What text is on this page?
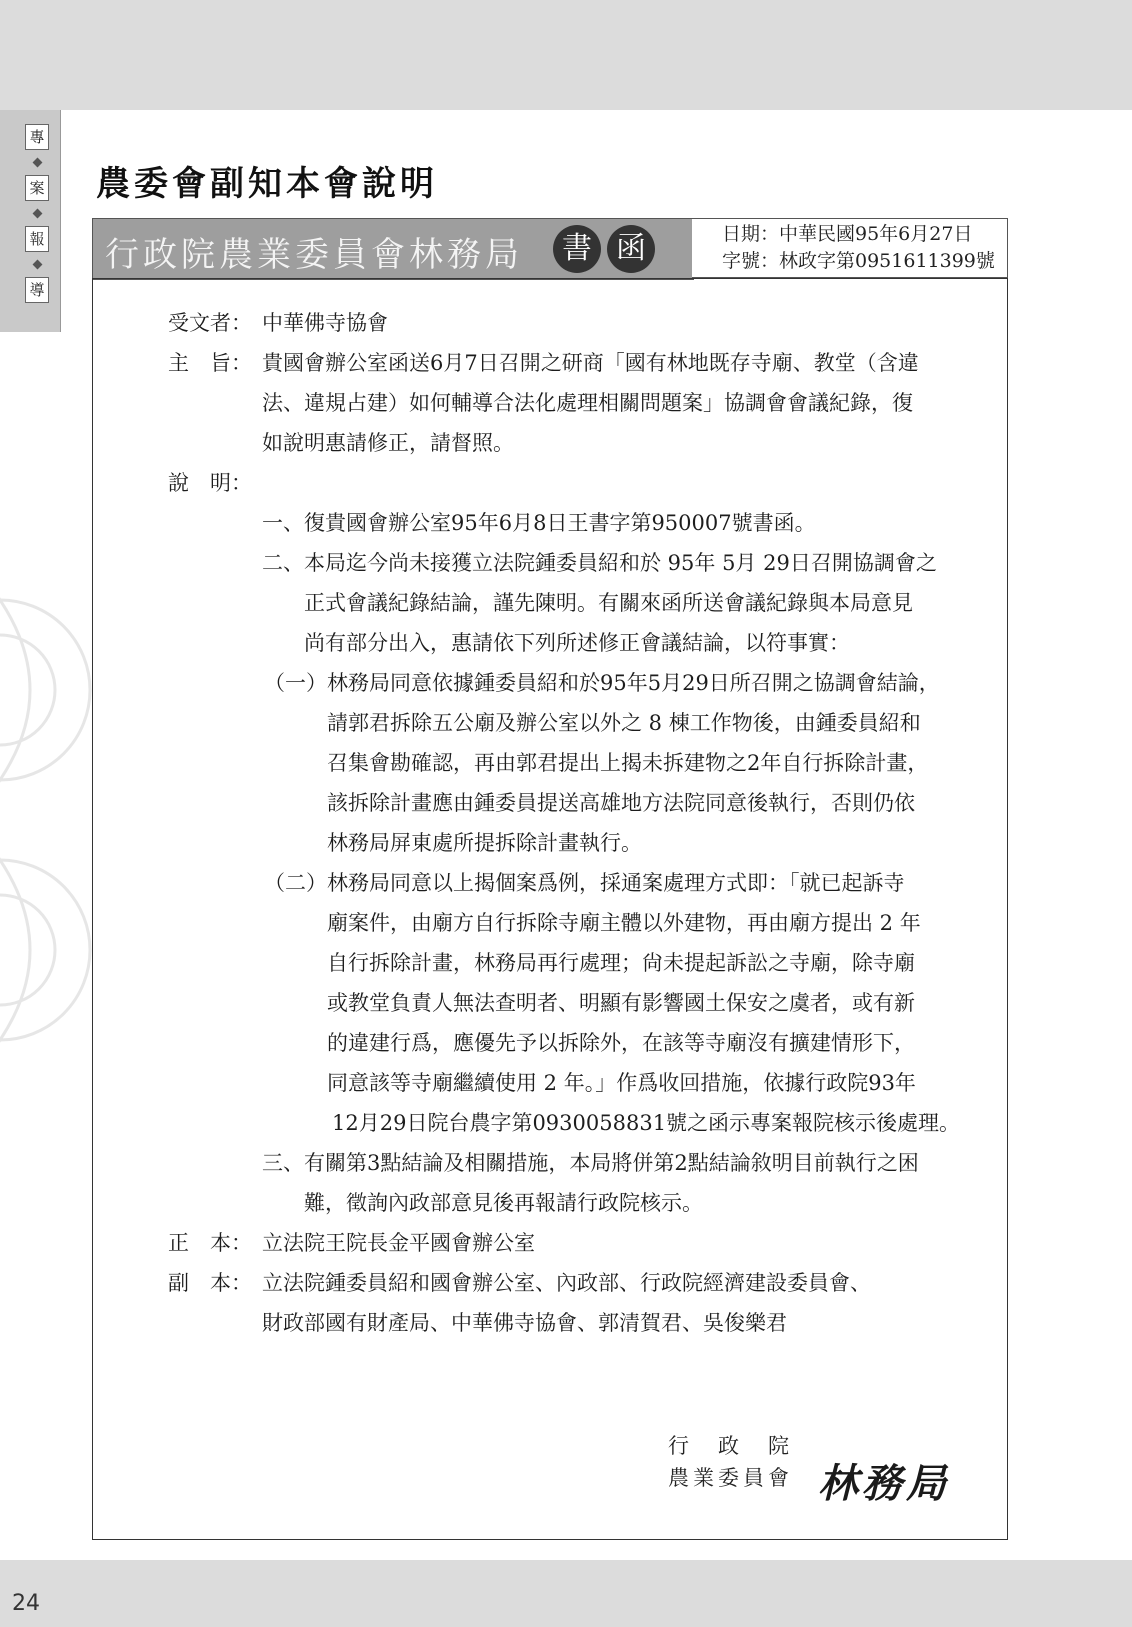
專
案
報
導
農委會副知本會說明
行政院農業委員會林務局	書 函	日期：中華民國95年6月27日
字號：林政字第0951611399號
受文者： 中華佛寺協會
主　旨： 貴國會辦公室函送6月7日召開之研商「國有林地既存寺廟、教堂（含違
法、違規占建）如何輔導合法化處理相關問題案」協調會會議紀錄，復
如說明惠請修正，請督照。
說　明：
一、復貴國會辦公室95年6月8日王書字第950007號書函。
二、本局迄今尚未接獲立法院鍾委員紹和於 95年 5月 29日召開協調會之
正式會議紀錄結論，謹先陳明。有關來函所送會議紀錄與本局意見
尚有部分出入，惠請依下列所述修正會議結論，以符事實：
（一）林務局同意依據鍾委員紹和於95年5月29日所召開之協調會結論，
請郭君拆除五公廟及辦公室以外之 8 棟工作物後，由鍾委員紹和
召集會勘確認，再由郭君提出上揭未拆建物之2年自行拆除計畫，
該拆除計畫應由鍾委員提送高雄地方法院同意後執行，否則仍依
林務局屏東處所提拆除計畫執行。
（二）林務局同意以上揭個案爲例，採通案處理方式即：「就已起訴寺
廟案件，由廟方自行拆除寺廟主體以外建物，再由廟方提出 2 年
自行拆除計畫，林務局再行處理；尙未提起訴訟之寺廟，除寺廟
或教堂負責人無法查明者、明顯有影響國土保安之虞者，或有新
的違建行爲，應優先予以拆除外，在該等寺廟沒有擴建情形下，
同意該等寺廟繼續使用 2 年。」作爲收回措施，依據行政院93年
12月29日院台農字第0930058831號之函示專案報院核示後處理。
三、有關第3點結論及相關措施，本局將併第2點結論敘明目前執行之困
難，徵詢內政部意見後再報請行政院核示。
正　本： 立法院王院長金平國會辦公室
副　本： 立法院鍾委員紹和國會辦公室、內政部、行政院經濟建設委員會、
財政部國有財產局、中華佛寺協會、郭清賀君、吳俊樂君
行　政　院
農業委員會 林務局
24
